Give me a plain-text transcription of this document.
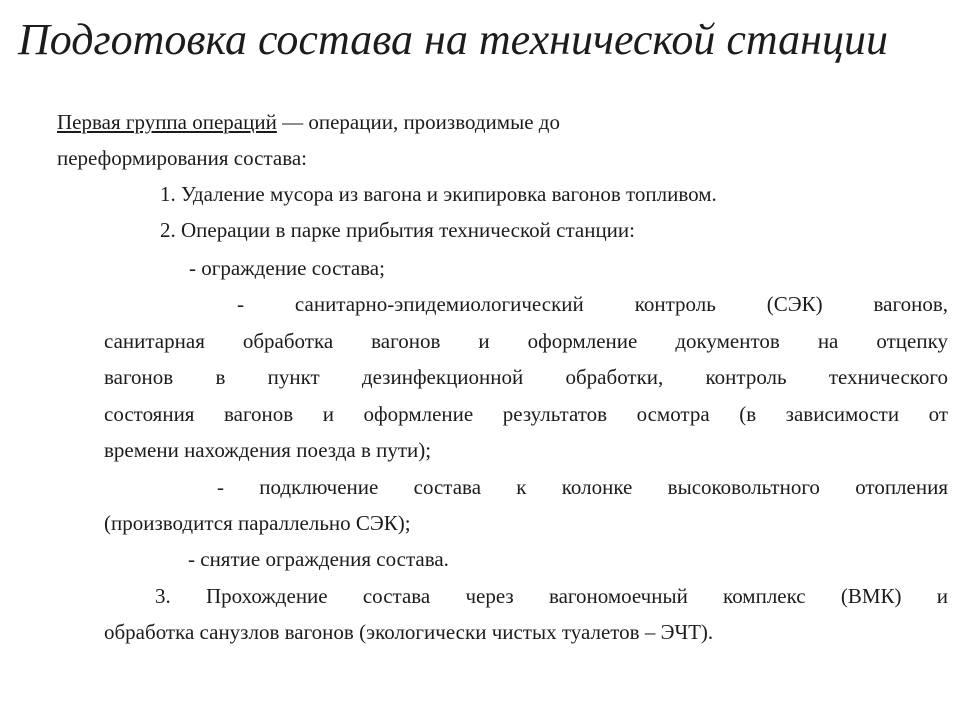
Подготовка состава на технической станции

Первая группа операций — операции, производимые до

переформирования состава:

1. Удаление мусора из вагона и экипировка вагонов топливом.

2. Операции в парке прибытия технической станции:

- ограждение состава;

- санитарно-эпидемиологический контроль (СЭК) вагонов,

санитарная обработка вагонов и оформление документов на отцепку

вагонов в пункт дезинфекционной обработки, контроль технического

состояния вагонов и оформление результатов осмотра (в зависимости от

времени нахождения поезда в пути);

- подключение состава к колонке высоковольтного отопления

(производится параллельно СЭК);

- снятие ограждения состава.

3. Прохождение состава через вагономоечный комплекс (ВМК) и

обработка санузлов вагонов (экологически чистых туалетов – ЭЧТ).
